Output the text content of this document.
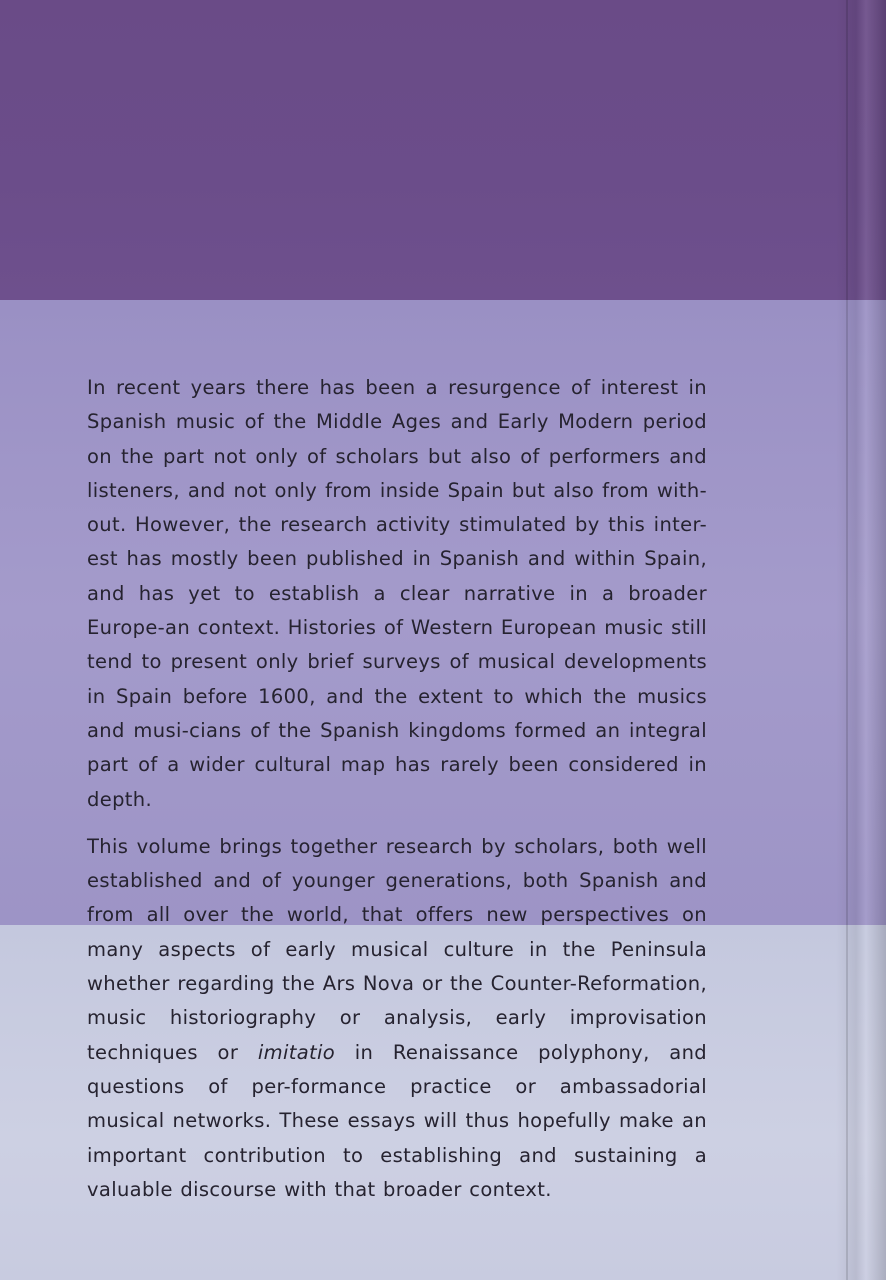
In recent years there has been a resurgence of interest in Spanish music of the Middle Ages and Early Modern period on the part not only of scholars but also of performers and listeners, and not only from inside Spain but also from with-out. However, the research activity stimulated by this inter-est has mostly been published in Spanish and within Spain, and has yet to establish a clear narrative in a broader Europe-an context. Histories of Western European music still tend to present only brief surveys of musical developments in Spain before 1600, and the extent to which the musics and musi-cians of the Spanish kingdoms formed an integral part of a wider cultural map has rarely been considered in depth.

This volume brings together research by scholars, both well established and of younger generations, both Spanish and from all over the world, that offers new perspectives on many aspects of early musical culture in the Peninsula whether regarding the Ars Nova or the Counter-Reformation, music historiography or analysis, early improvisation techniques or imitatio in Renaissance polyphony, and questions of per-formance practice or ambassadorial musical networks. These essays will thus hopefully make an important contribution to establishing and sustaining a valuable discourse with that broader context.
